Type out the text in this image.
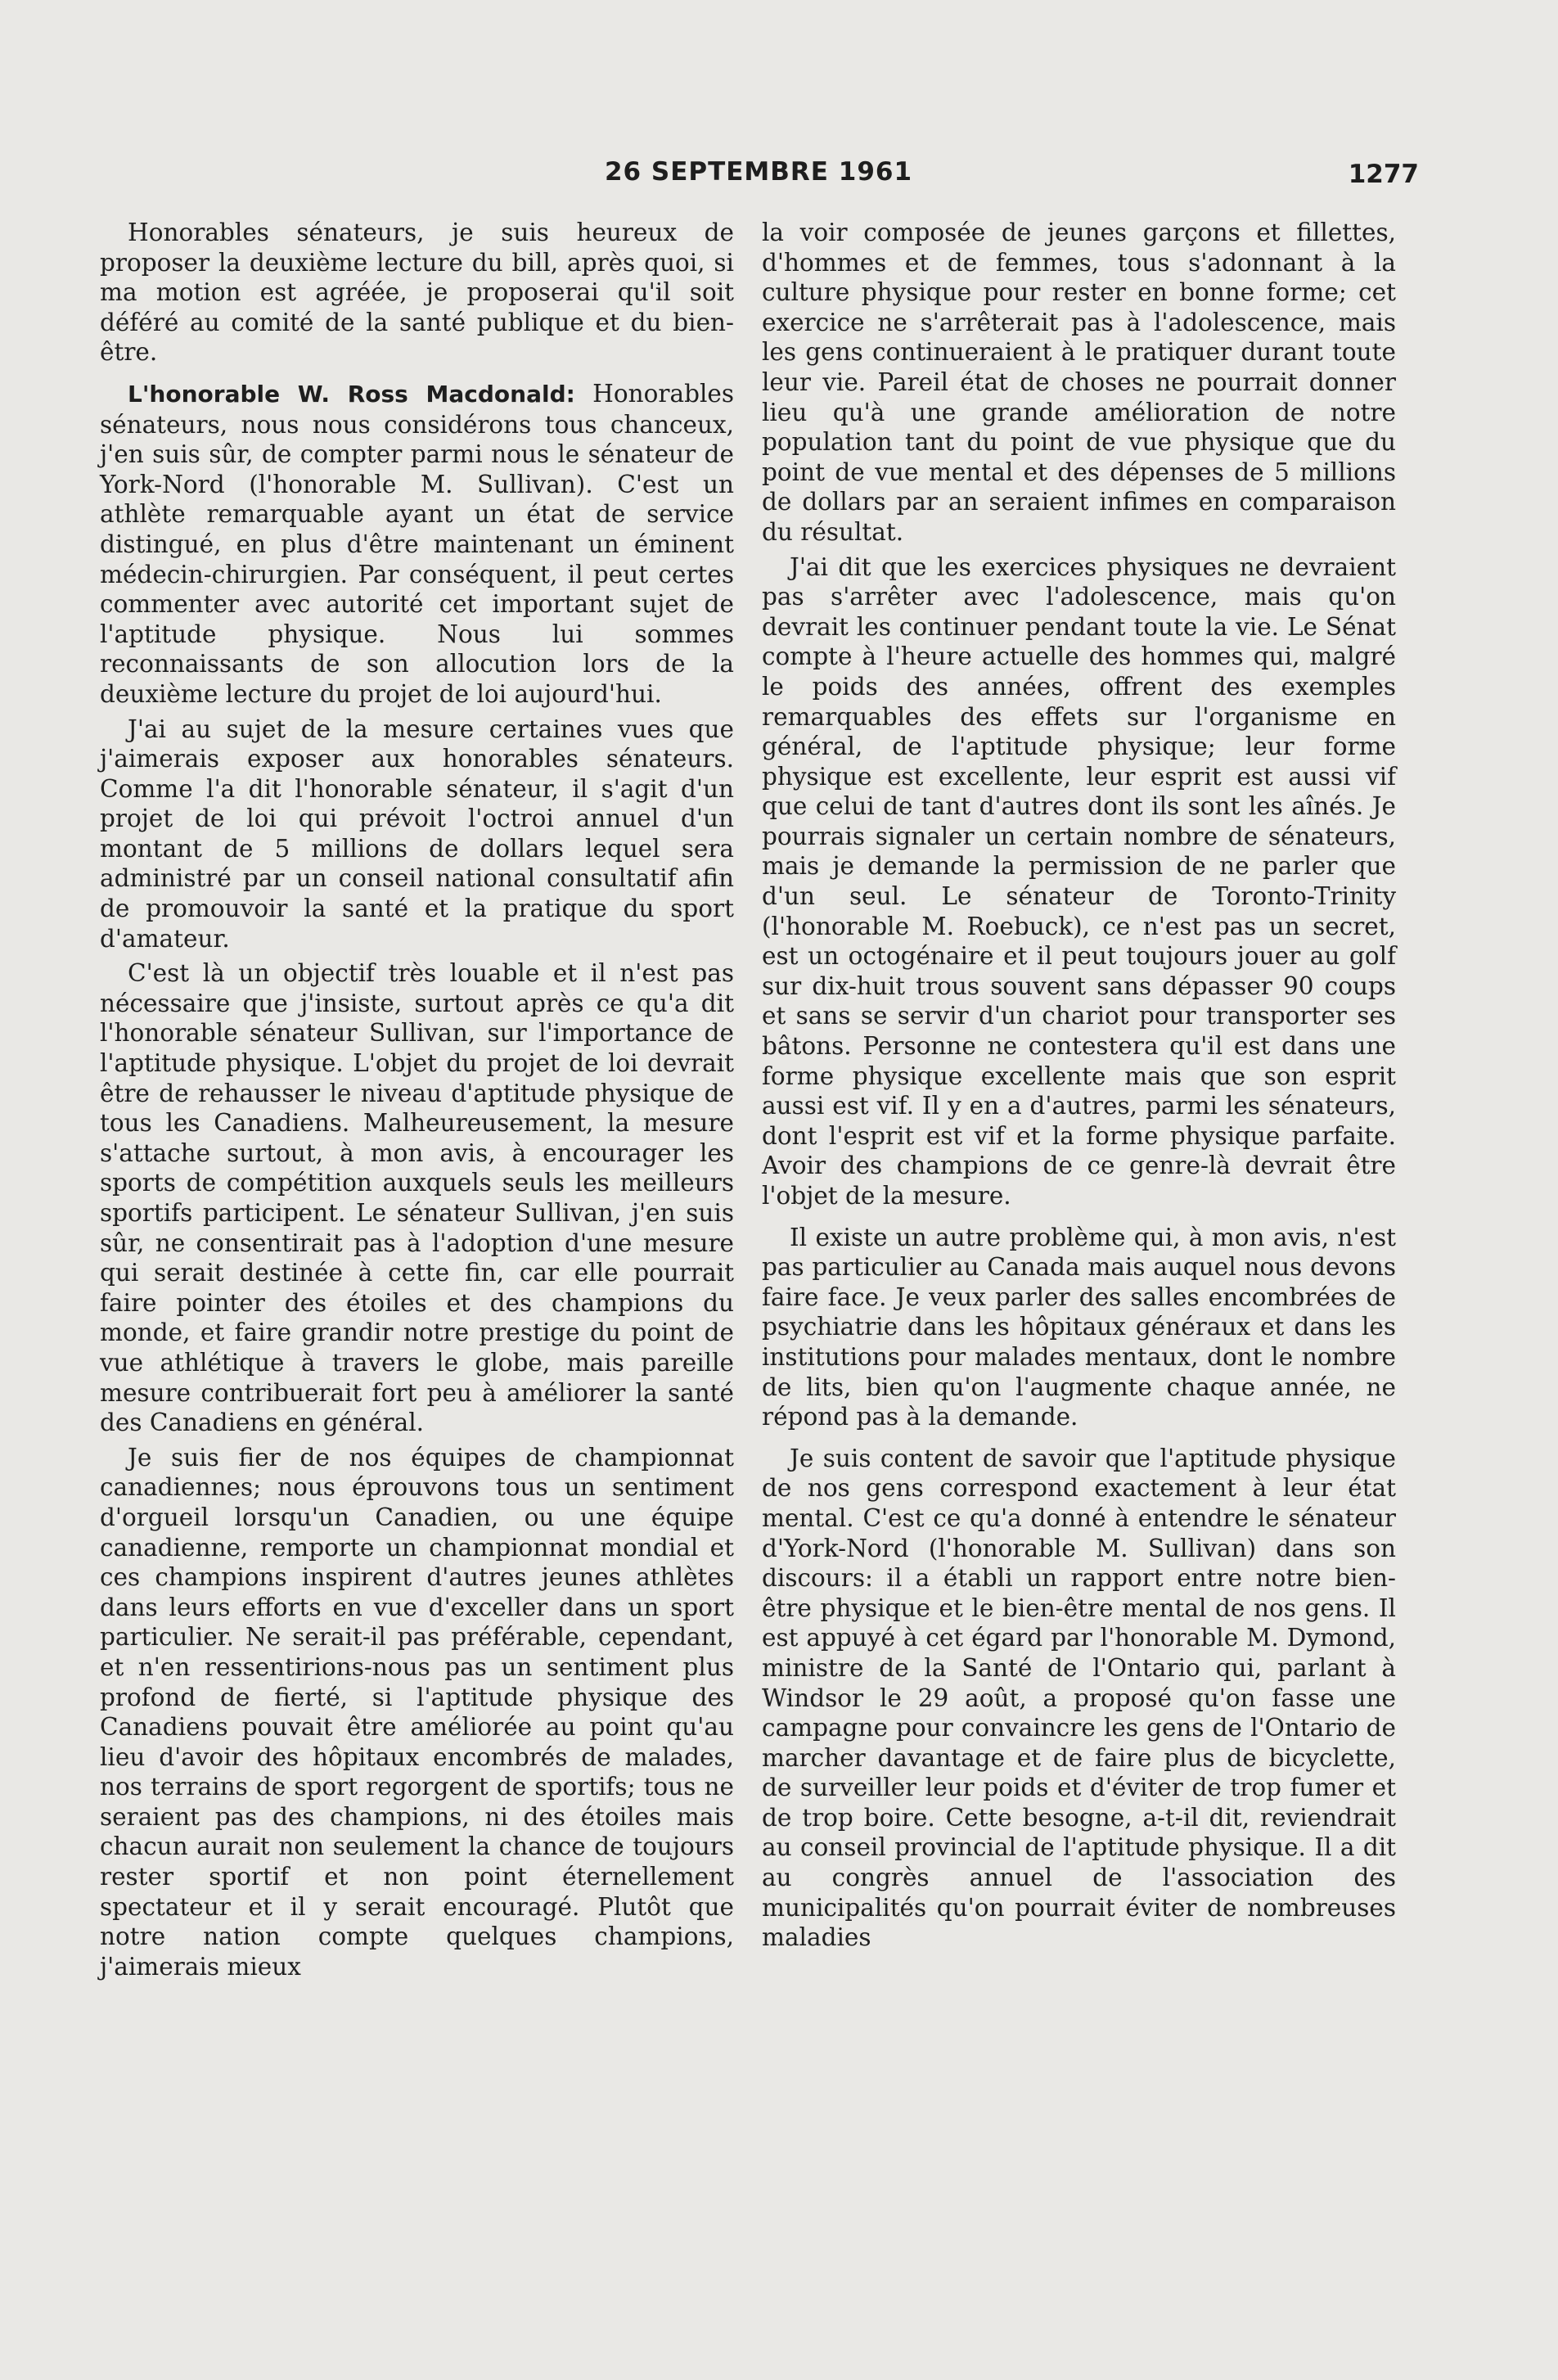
26 SEPTEMBRE 1961	1277

Honorables sénateurs, je suis heureux de proposer la deuxième lecture du bill, après quoi, si ma motion est agréée, je proposerai qu'il soit déféré au comité de la santé publique et du bien-être.

L'honorable W. Ross Macdonald: Honorables sénateurs, nous nous considérons tous chanceux, j'en suis sûr, de compter parmi nous le sénateur de York-Nord (l'honorable M. Sullivan). C'est un athlète remarquable ayant un état de service distingué, en plus d'être maintenant un éminent médecin-chirurgien. Par conséquent, il peut certes commenter avec autorité cet important sujet de l'aptitude physique. Nous lui sommes reconnaissants de son allocution lors de la deuxième lecture du projet de loi aujourd'hui.

J'ai au sujet de la mesure certaines vues que j'aimerais exposer aux honorables sénateurs. Comme l'a dit l'honorable sénateur, il s'agit d'un projet de loi qui prévoit l'octroi annuel d'un montant de 5 millions de dollars lequel sera administré par un conseil national consultatif afin de promouvoir la santé et la pratique du sport d'amateur.

C'est là un objectif très louable et il n'est pas nécessaire que j'insiste, surtout après ce qu'a dit l'honorable sénateur Sullivan, sur l'importance de l'aptitude physique. L'objet du projet de loi devrait être de rehausser le niveau d'aptitude physique de tous les Canadiens. Malheureusement, la mesure s'attache surtout, à mon avis, à encourager les sports de compétition auxquels seuls les meilleurs sportifs participent. Le sénateur Sullivan, j'en suis sûr, ne consentirait pas à l'adoption d'une mesure qui serait destinée à cette fin, car elle pourrait faire pointer des étoiles et des champions du monde, et faire grandir notre prestige du point de vue athlétique à travers le globe, mais pareille mesure contribuerait fort peu à améliorer la santé des Canadiens en général.

Je suis fier de nos équipes de championnat canadiennes; nous éprouvons tous un sentiment d'orgueil lorsqu'un Canadien, ou une équipe canadienne, remporte un championnat mondial et ces champions inspirent d'autres jeunes athlètes dans leurs efforts en vue d'exceller dans un sport particulier. Ne serait-il pas préférable, cependant, et n'en ressentirions-nous pas un sentiment plus profond de fierté, si l'aptitude physique des Canadiens pouvait être améliorée au point qu'au lieu d'avoir des hôpitaux encombrés de malades, nos terrains de sport regorgent de sportifs; tous ne seraient pas des champions, ni des étoiles mais chacun aurait non seulement la chance de toujours rester sportif et non point éternellement spectateur et il y serait encouragé. Plutôt que notre nation compte quelques champions, j'aimerais mieux

la voir composée de jeunes garçons et fillettes, d'hommes et de femmes, tous s'adonnant à la culture physique pour rester en bonne forme; cet exercice ne s'arrêterait pas à l'adolescence, mais les gens continueraient à le pratiquer durant toute leur vie. Pareil état de choses ne pourrait donner lieu qu'à une grande amélioration de notre population tant du point de vue physique que du point de vue mental et des dépenses de 5 millions de dollars par an seraient infimes en comparaison du résultat.

J'ai dit que les exercices physiques ne devraient pas s'arrêter avec l'adolescence, mais qu'on devrait les continuer pendant toute la vie. Le Sénat compte à l'heure actuelle des hommes qui, malgré le poids des années, offrent des exemples remarquables des effets sur l'organisme en général, de l'aptitude physique; leur forme physique est excellente, leur esprit est aussi vif que celui de tant d'autres dont ils sont les aînés. Je pourrais signaler un certain nombre de sénateurs, mais je demande la permission de ne parler que d'un seul. Le sénateur de Toronto-Trinity (l'honorable M. Roebuck), ce n'est pas un secret, est un octogénaire et il peut toujours jouer au golf sur dix-huit trous souvent sans dépasser 90 coups et sans se servir d'un chariot pour transporter ses bâtons. Personne ne contestera qu'il est dans une forme physique excellente mais que son esprit aussi est vif. Il y en a d'autres, parmi les sénateurs, dont l'esprit est vif et la forme physique parfaite. Avoir des champions de ce genre-là devrait être l'objet de la mesure.

Il existe un autre problème qui, à mon avis, n'est pas particulier au Canada mais auquel nous devons faire face. Je veux parler des salles encombrées de psychiatrie dans les hôpitaux généraux et dans les institutions pour malades mentaux, dont le nombre de lits, bien qu'on l'augmente chaque année, ne répond pas à la demande.

Je suis content de savoir que l'aptitude physique de nos gens correspond exactement à leur état mental. C'est ce qu'a donné à entendre le sénateur d'York-Nord (l'honorable M. Sullivan) dans son discours: il a établi un rapport entre notre bien-être physique et le bien-être mental de nos gens. Il est appuyé à cet égard par l'honorable M. Dymond, ministre de la Santé de l'Ontario qui, parlant à Windsor le 29 août, a proposé qu'on fasse une campagne pour convaincre les gens de l'Ontario de marcher davantage et de faire plus de bicyclette, de surveiller leur poids et d'éviter de trop fumer et de trop boire. Cette besogne, a-t-il dit, reviendrait au conseil provincial de l'aptitude physique. Il a dit au congrès annuel de l'association des municipalités qu'on pourrait éviter de nombreuses maladies
